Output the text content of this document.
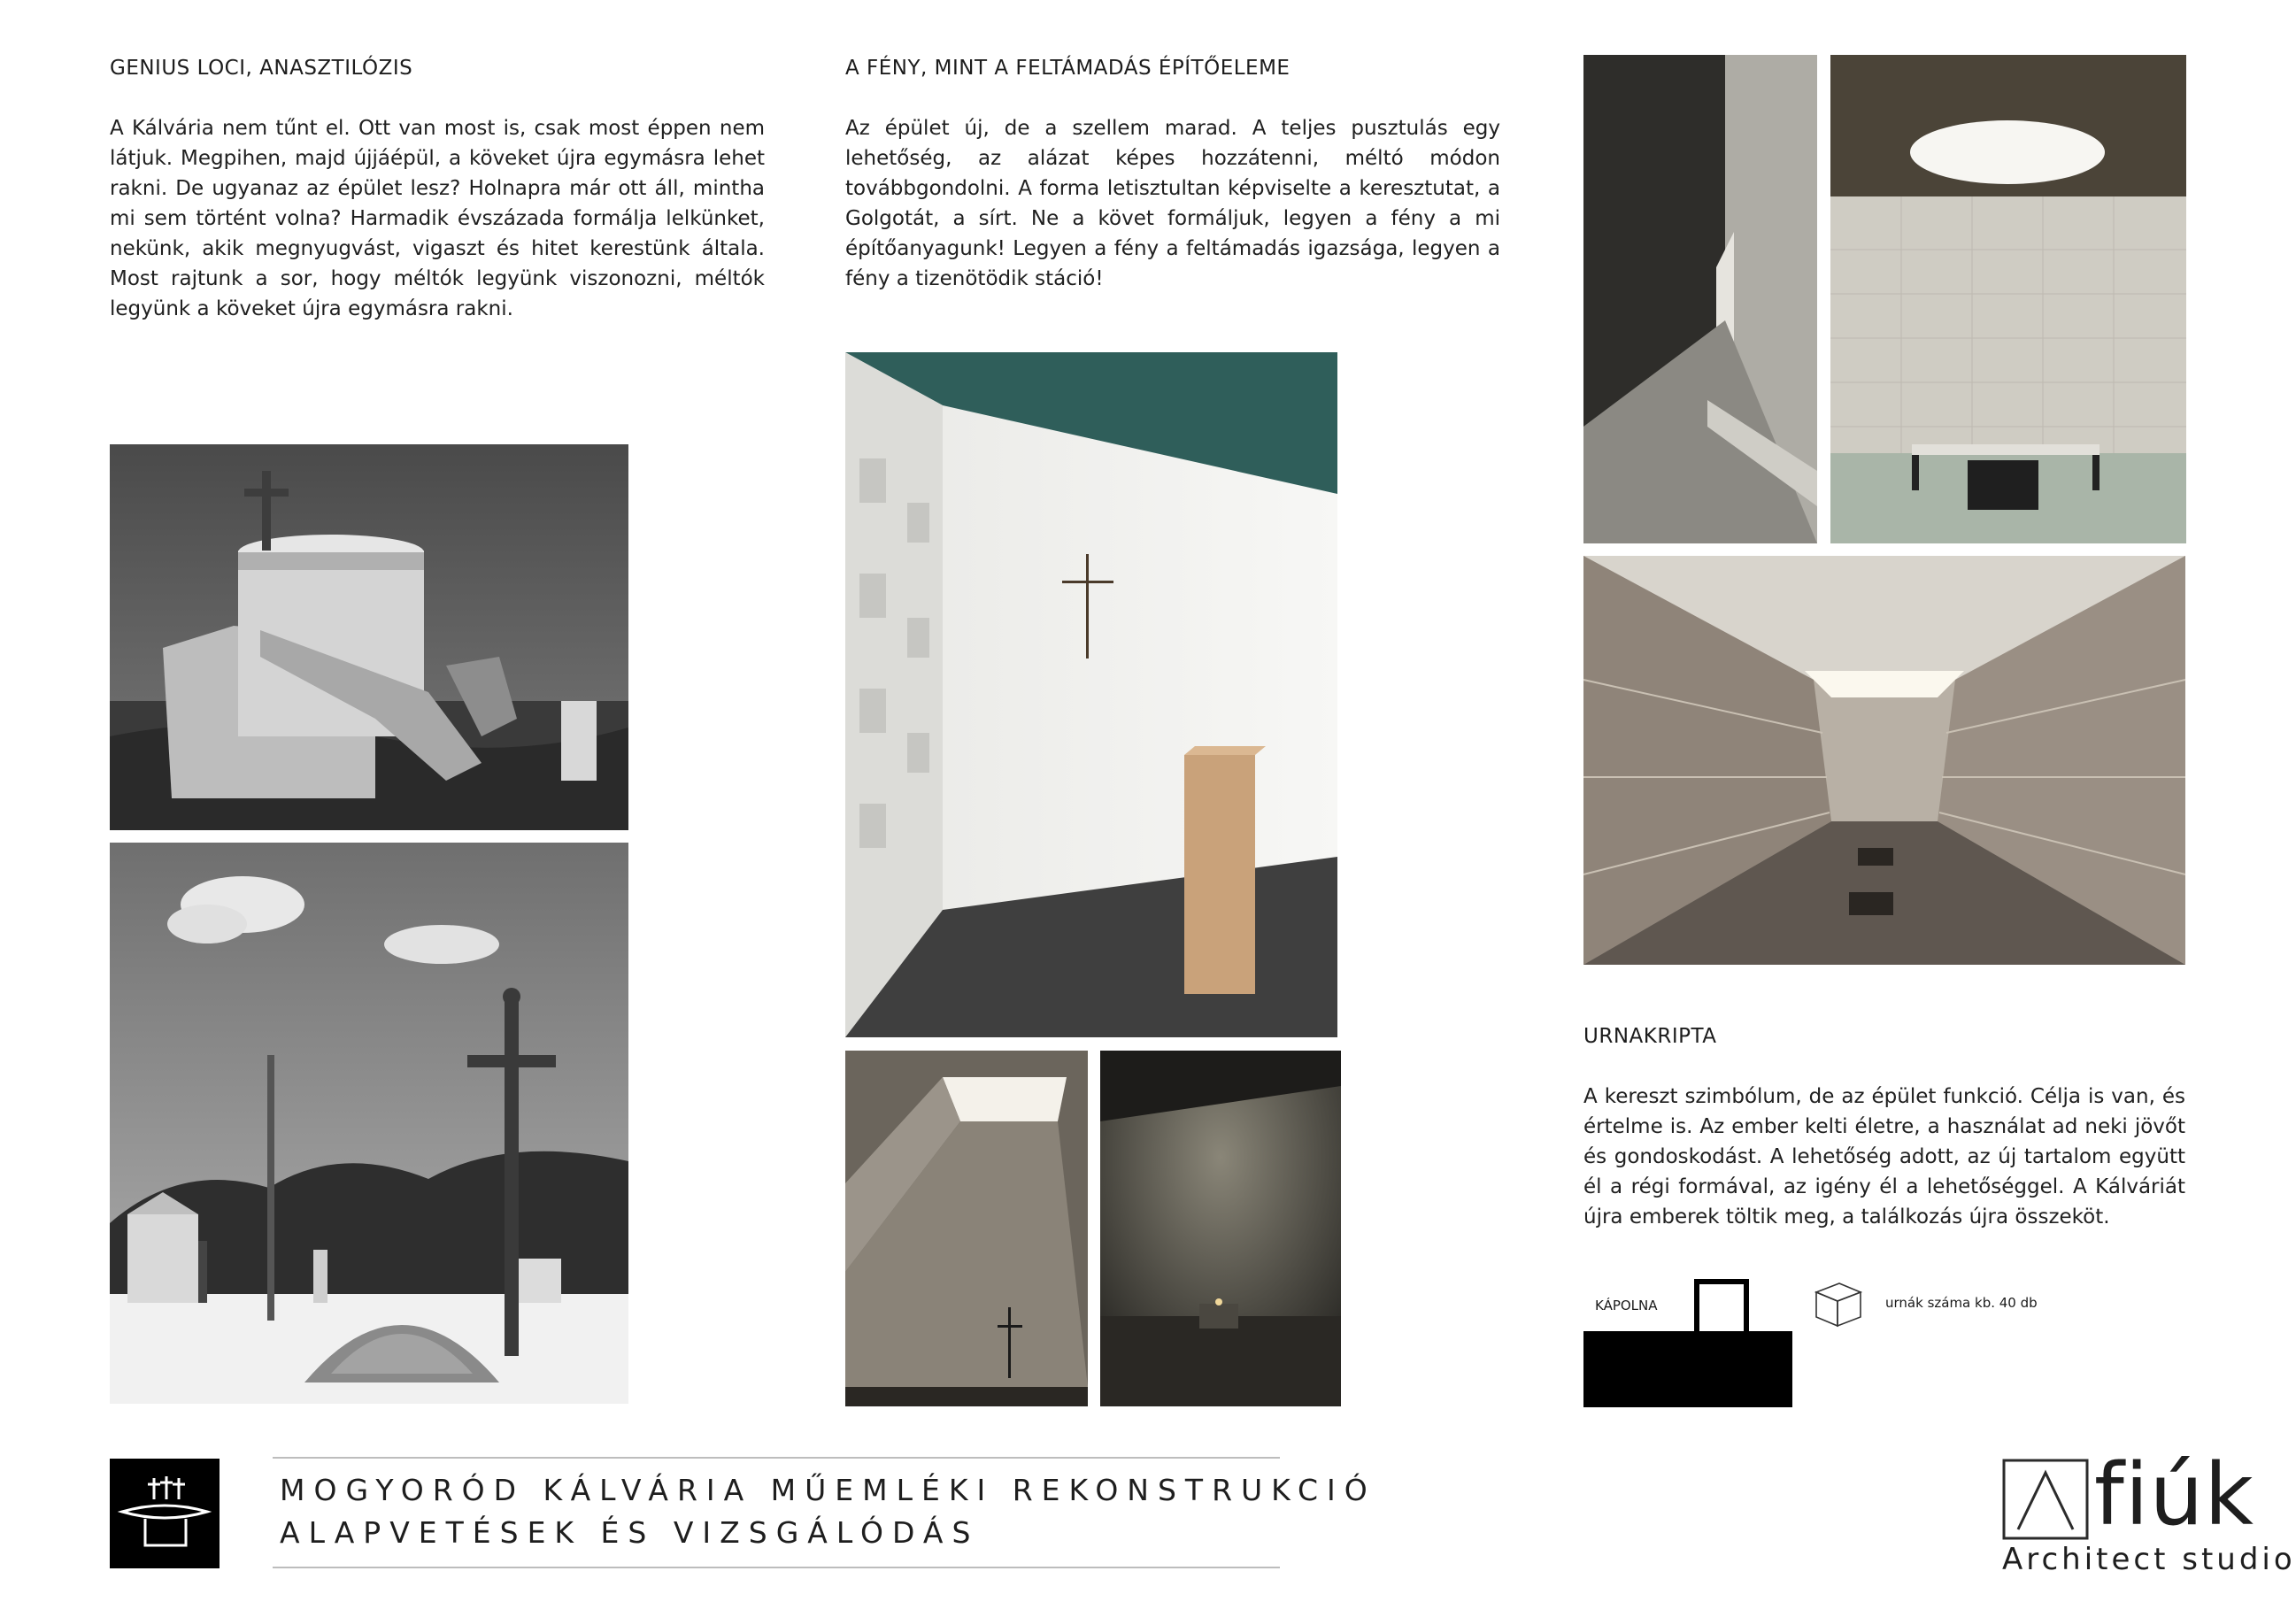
GENIUS LOCI, ANASZTILÓZIS
A Kálvária nem tűnt el. Ott van most is, csak most éppen nem látjuk. Megpihen, majd újjáépül, a köveket újra egymásra lehet rakni. De ugyanaz az épület lesz? Holnapra már ott áll, mintha mi sem történt volna? Harmadik évszázada formálja lelkünket, nekünk, akik megnyugvást, vigaszt és hitet kerestünk általa. Most rajtunk a sor, hogy méltók legyünk viszonozni, méltók legyünk a köveket újra egymásra rakni.
A FÉNY, MINT A FELTÁMADÁS ÉPÍTŐELEME
Az épület új, de a szellem marad. A teljes pusztulás egy lehetőség, az alázat képes hozzátenni, méltó módon továbbgondolni. A forma letisztultan képviselte a keresztutat, a Golgotát, a sírt. Ne a követ formáljuk, legyen a fény a mi építőanyagunk! Legyen a fény a feltámadás igazsága, legyen a fény a tizenötödik stáció!
URNAKRIPTA
A kereszt szimbólum, de az épület funkció. Célja is van, és értelme is. Az ember kelti életre, a használat ad neki jövőt és gondoskodást. A lehetőség adott, az új tartalom együtt él a régi formával, az igény él a lehetőséggel. A Kálváriát újra emberek töltik meg, a találkozás újra összeköt.
KÁPOLNA	urnák száma kb. 40 db
MOGYORÓD KÁLVÁRIA MŰEMLÉKI REKONSTRUKCIÓ
ALAPVETÉSEK ÉS VIZSGÁLÓDÁS	fiúk
Architect studio
